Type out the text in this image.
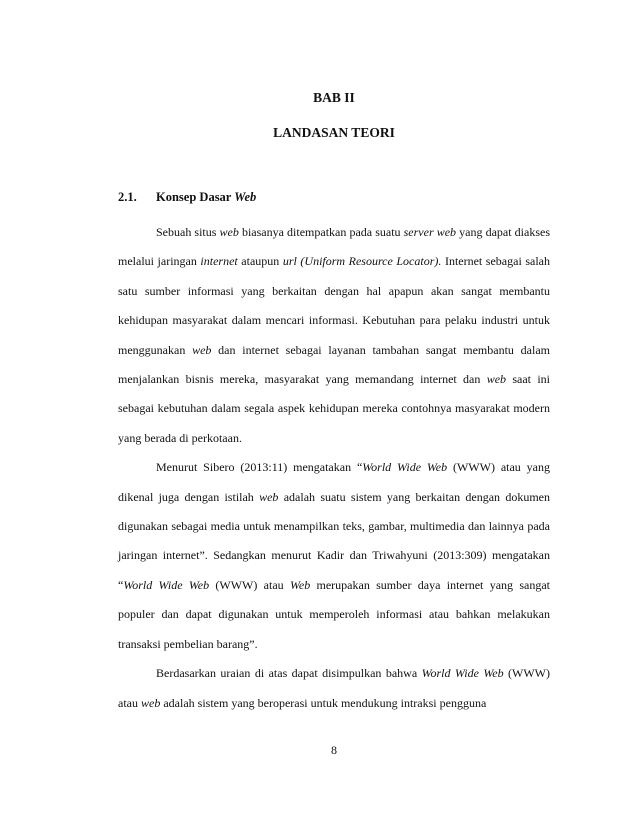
BAB II
LANDASAN TEORI
2.1. Konsep Dasar Web

Sebuah situs web biasanya ditempatkan pada suatu server web yang dapat diakses melalui jaringan internet ataupun url (Uniform Resource Locator). Internet sebagai salah satu sumber informasi yang berkaitan dengan hal apapun akan sangat membantu kehidupan masyarakat dalam mencari informasi. Kebutuhan para pelaku industri untuk menggunakan web dan internet sebagai layanan tambahan sangat membantu dalam menjalankan bisnis mereka, masyarakat yang memandang internet dan web saat ini sebagai kebutuhan dalam segala aspek kehidupan mereka contohnya masyarakat modern yang berada di perkotaan.

Menurut Sibero (2013:11) mengatakan “World Wide Web (WWW) atau yang dikenal juga dengan istilah web adalah suatu sistem yang berkaitan dengan dokumen digunakan sebagai media untuk menampilkan teks, gambar, multimedia dan lainnya pada jaringan internet”. Sedangkan menurut Kadir dan Triwahyuni (2013:309) mengatakan “World Wide Web (WWW) atau Web merupakan sumber daya internet yang sangat populer dan dapat digunakan untuk memperoleh informasi atau bahkan melakukan transaksi pembelian barang”.

Berdasarkan uraian di atas dapat disimpulkan bahwa World Wide Web (WWW) atau web adalah sistem yang beroperasi untuk mendukung intraksi pengguna

8
